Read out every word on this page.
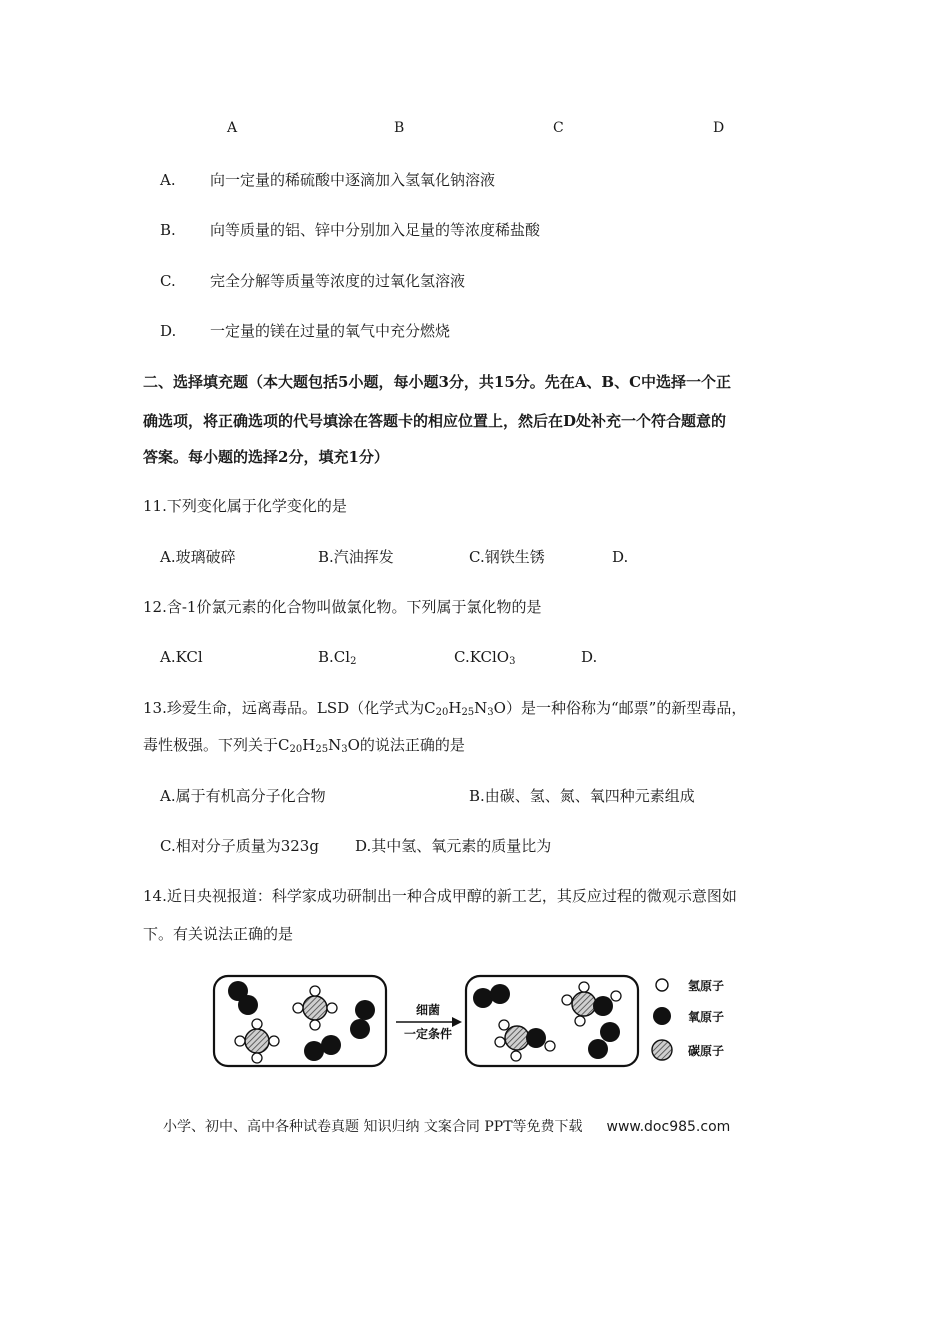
A	B	C	D
A. 向一定量的稀硫酸中逐滴加入氢氧化钠溶液
B. 向等质量的铝、锌中分别加入足量的等浓度稀盐酸
C. 完全分解等质量等浓度的过氧化氢溶液
D. 一定量的镁在过量的氧气中充分燃烧
二、选择填充题（本大题包括5小题，每小题3分，共15分。先在A、B、C中选择一个正
确选项，将正确选项的代号填涂在答题卡的相应位置上，然后在D处补充一个符合题意的
答案。每小题的选择2分，填充1分）
11.下列变化属于化学变化的是
A.玻璃破碎	B.汽油挥发	C.钢铁生锈	D.
12.含-1价氯元素的化合物叫做氯化物。下列属于氯化物的是
A.KCl	$B.Cl_2$	C.KClO$_3$	D.
13.珍爱生命，远离毒品。LSD（化学式为$C_{20}H_{25}N_3O$）是一种俗称为“邮票”的新型毒品，
毒性极强。下列关于$C_{20}H_{25}N_3O$的说法正确的是
A.属于有机高分子化合物	B.由碳、氢、氮、氧四种元素组成
C.相对分子质量为323g D.其中氢、氧元素的质量比为
14.近日央视报道：科学家成功研制出一种合成甲醇的新工艺，其反应过程的微观示意图如
下。有关说法正确的是
细菌
一定条件
氢原子
氧原子
碳原子
小学、初中、高中各种试卷真题 知识归纳 文案合同 PPT等免费下载 www.doc985.com
